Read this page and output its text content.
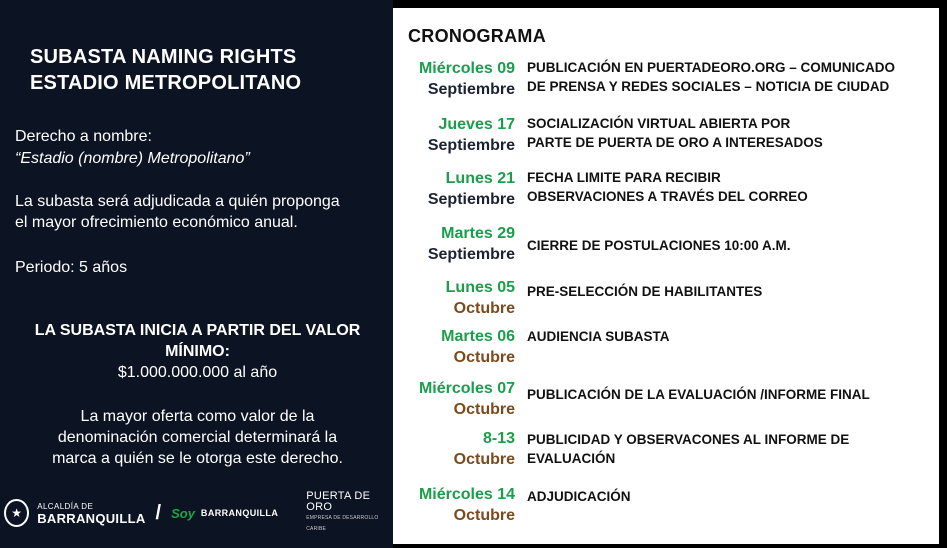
SUBASTA NAMING RIGHTS
ESTADIO METROPOLITANO
Derecho a nombre:
“Estadio (nombre) Metropolitano”
La subasta será adjudicada a quién proponga
el mayor ofrecimiento económico anual.
Periodo: 5 años
LA SUBASTA INICIA A PARTIR DEL VALOR
MÍNIMO:
$1.000.000.000 al año
La mayor oferta como valor de la
denominación comercial determinará la
marca a quién se le otorga este derecho.
★	ALCALDÍA DE
BARRANQUILLA / Soy BARRANQUILLA
PUERTA DE ORO
EMPRESA DE DESARROLLO CARIBE
CRONOGRAMA
Miércoles 09
Septiembre
PUBLICACIÓN EN PUERTADEORO.ORG – COMUNICADO
DE PRENSA Y REDES SOCIALES – NOTICIA DE CIUDAD
Jueves 17
Septiembre
SOCIALIZACIÓN VIRTUAL ABIERTA POR
PARTE DE PUERTA DE ORO A INTERESADOS
Lunes 21
Septiembre
FECHA LIMITE PARA RECIBIR
OBSERVACIONES A TRAVÉS DEL CORREO
Martes 29
Septiembre
CIERRE DE POSTULACIONES 10:00 A.M.
Lunes 05
Octubre
PRE-SELECCIÓN DE HABILITANTES
Martes 06
Octubre
AUDIENCIA SUBASTA
Miércoles 07
Octubre
PUBLICACIÓN DE LA EVALUACIÓN /INFORME FINAL
8-13
Octubre
PUBLICIDAD Y OBSERVACONES AL INFORME DE
EVALUACIÓN
Miércoles 14
Octubre
ADJUDICACIÓN
